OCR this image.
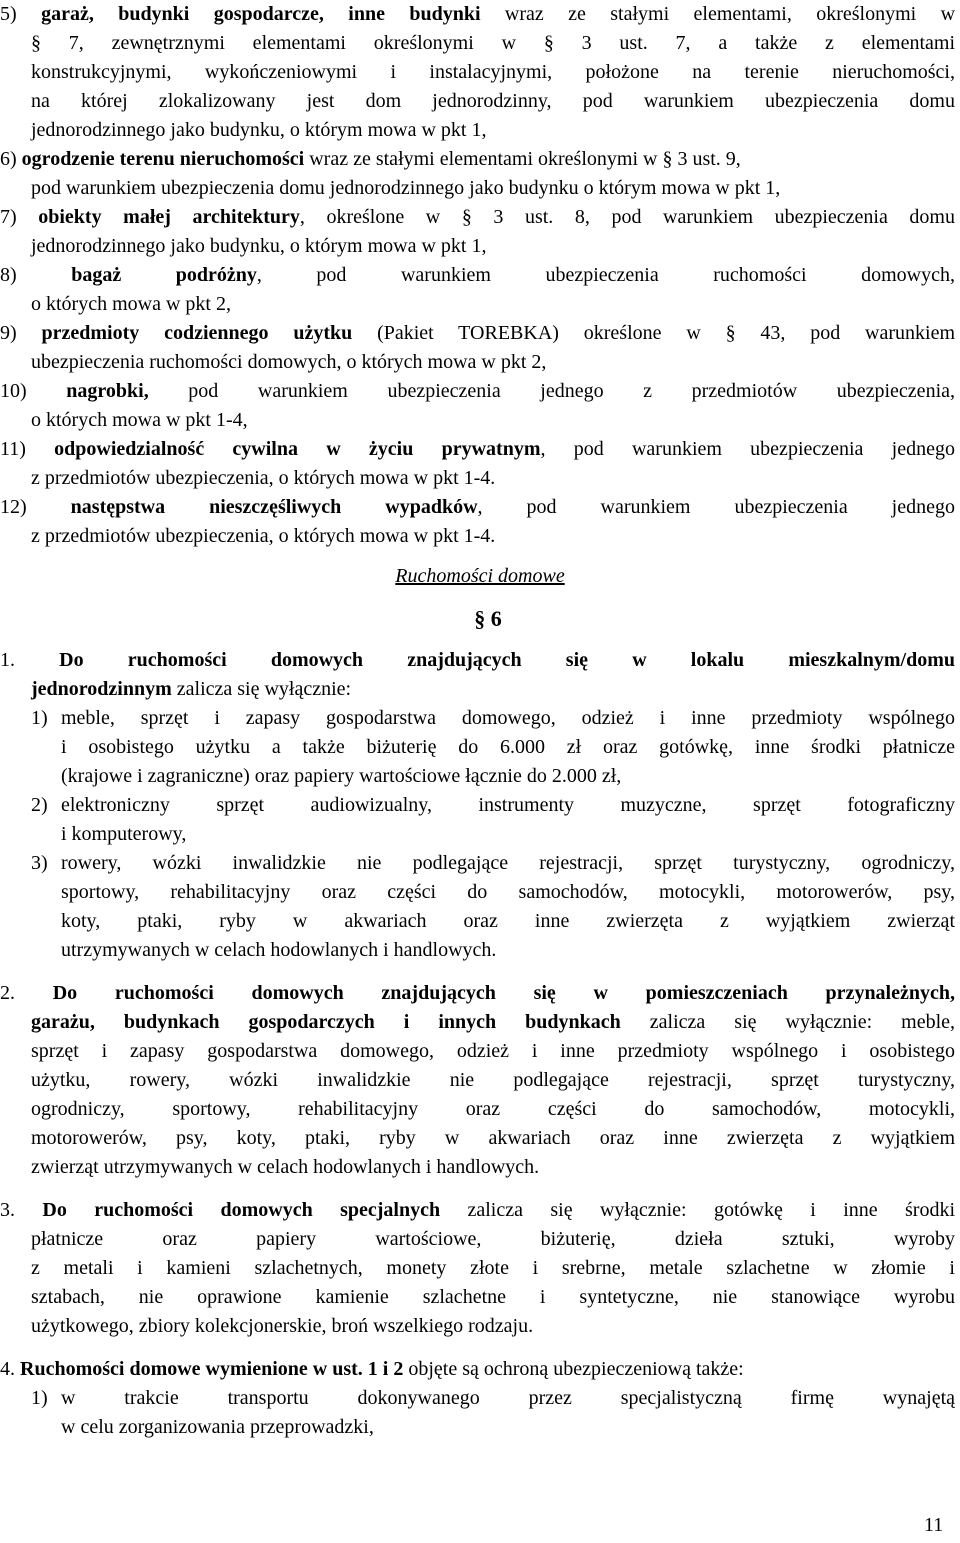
5) garaż, budynki gospodarcze, inne budynki wraz ze stałymi elementami, określonymi w
§ 7, zewnętrznymi elementami określonymi w § 3 ust. 7, a także z elementami
konstrukcyjnymi, wykończeniowymi i instalacyjnymi, położone na terenie nieruchomości,
na której zlokalizowany jest dom jednorodzinny, pod warunkiem ubezpieczenia domu
jednorodzinnego jako budynku, o którym mowa w pkt 1,
6) ogrodzenie terenu nieruchomości wraz ze stałymi elementami określonymi w § 3 ust. 9,
pod warunkiem ubezpieczenia domu jednorodzinnego jako budynku o którym mowa w pkt 1,
7) obiekty małej architektury, określone w § 3 ust. 8, pod warunkiem ubezpieczenia domu
jednorodzinnego jako budynku, o którym mowa w pkt 1,
8)	bagaż podróżny, pod warunkiem ubezpieczenia ruchomości domowych,
o których mowa w pkt 2,
9) przedmioty codziennego użytku (Pakiet TOREBKA) określone w § 43, pod warunkiem
ubezpieczenia ruchomości domowych, o których mowa w pkt 2,
10) nagrobki, pod warunkiem ubezpieczenia jednego z przedmiotów ubezpieczenia,
o których mowa w pkt 1-4,
11) odpowiedzialność cywilna w życiu prywatnym, pod warunkiem ubezpieczenia jednego
z przedmiotów ubezpieczenia, o których mowa w pkt 1-4.
12) następstwa nieszczęśliwych wypadków, pod warunkiem ubezpieczenia jednego
z przedmiotów ubezpieczenia, o których mowa w pkt 1-4.
Ruchomości domowe
§ 6
1. Do ruchomości domowych znajdujących się w lokalu mieszkalnym/domu
jednorodzinnym zalicza się wyłącznie:
1) meble, sprzęt i zapasy gospodarstwa domowego, odzież i inne przedmioty wspólnego
i osobistego użytku a także biżuterię do 6.000 zł oraz gotówkę, inne środki płatnicze
(krajowe i zagraniczne) oraz papiery wartościowe łącznie do 2.000 zł,
2) elektroniczny sprzęt audiowizualny, instrumenty muzyczne, sprzęt fotograficzny
i komputerowy,
3) rowery, wózki inwalidzkie nie podlegające rejestracji, sprzęt turystyczny, ogrodniczy,
sportowy, rehabilitacyjny oraz części do samochodów, motocykli, motorowerów, psy,
koty, ptaki, ryby w akwariach oraz inne zwierzęta z wyjątkiem zwierząt
utrzymywanych w celach hodowlanych i handlowych.
2. Do ruchomości domowych znajdujących się w pomieszczeniach przynależnych,
garażu, budynkach gospodarczych i innych budynkach zalicza się wyłącznie: meble,
sprzęt i zapasy gospodarstwa domowego, odzież i inne przedmioty wspólnego i osobistego
użytku, rowery, wózki inwalidzkie nie podlegające rejestracji, sprzęt turystyczny,
ogrodniczy, sportowy, rehabilitacyjny oraz części do samochodów, motocykli,
motorowerów, psy, koty, ptaki, ryby w akwariach oraz inne zwierzęta z wyjątkiem
zwierząt utrzymywanych w celach hodowlanych i handlowych.
3. Do ruchomości domowych specjalnych zalicza się wyłącznie: gotówkę i inne środki
płatnicze oraz papiery wartościowe, biżuterię, dzieła sztuki, wyroby
z metali i kamieni szlachetnych, monety złote i srebrne, metale szlachetne w złomie i
sztabach, nie oprawione kamienie szlachetne i syntetyczne, nie stanowiące wyrobu
użytkowego, zbiory kolekcjonerskie, broń wszelkiego rodzaju.
4. Ruchomości domowe wymienione w ust. 1 i 2 objęte są ochroną ubezpieczeniową także:
1) w trakcie transportu dokonywanego przez specjalistyczną firmę wynajętą
w celu zorganizowania przeprowadzki,
11
